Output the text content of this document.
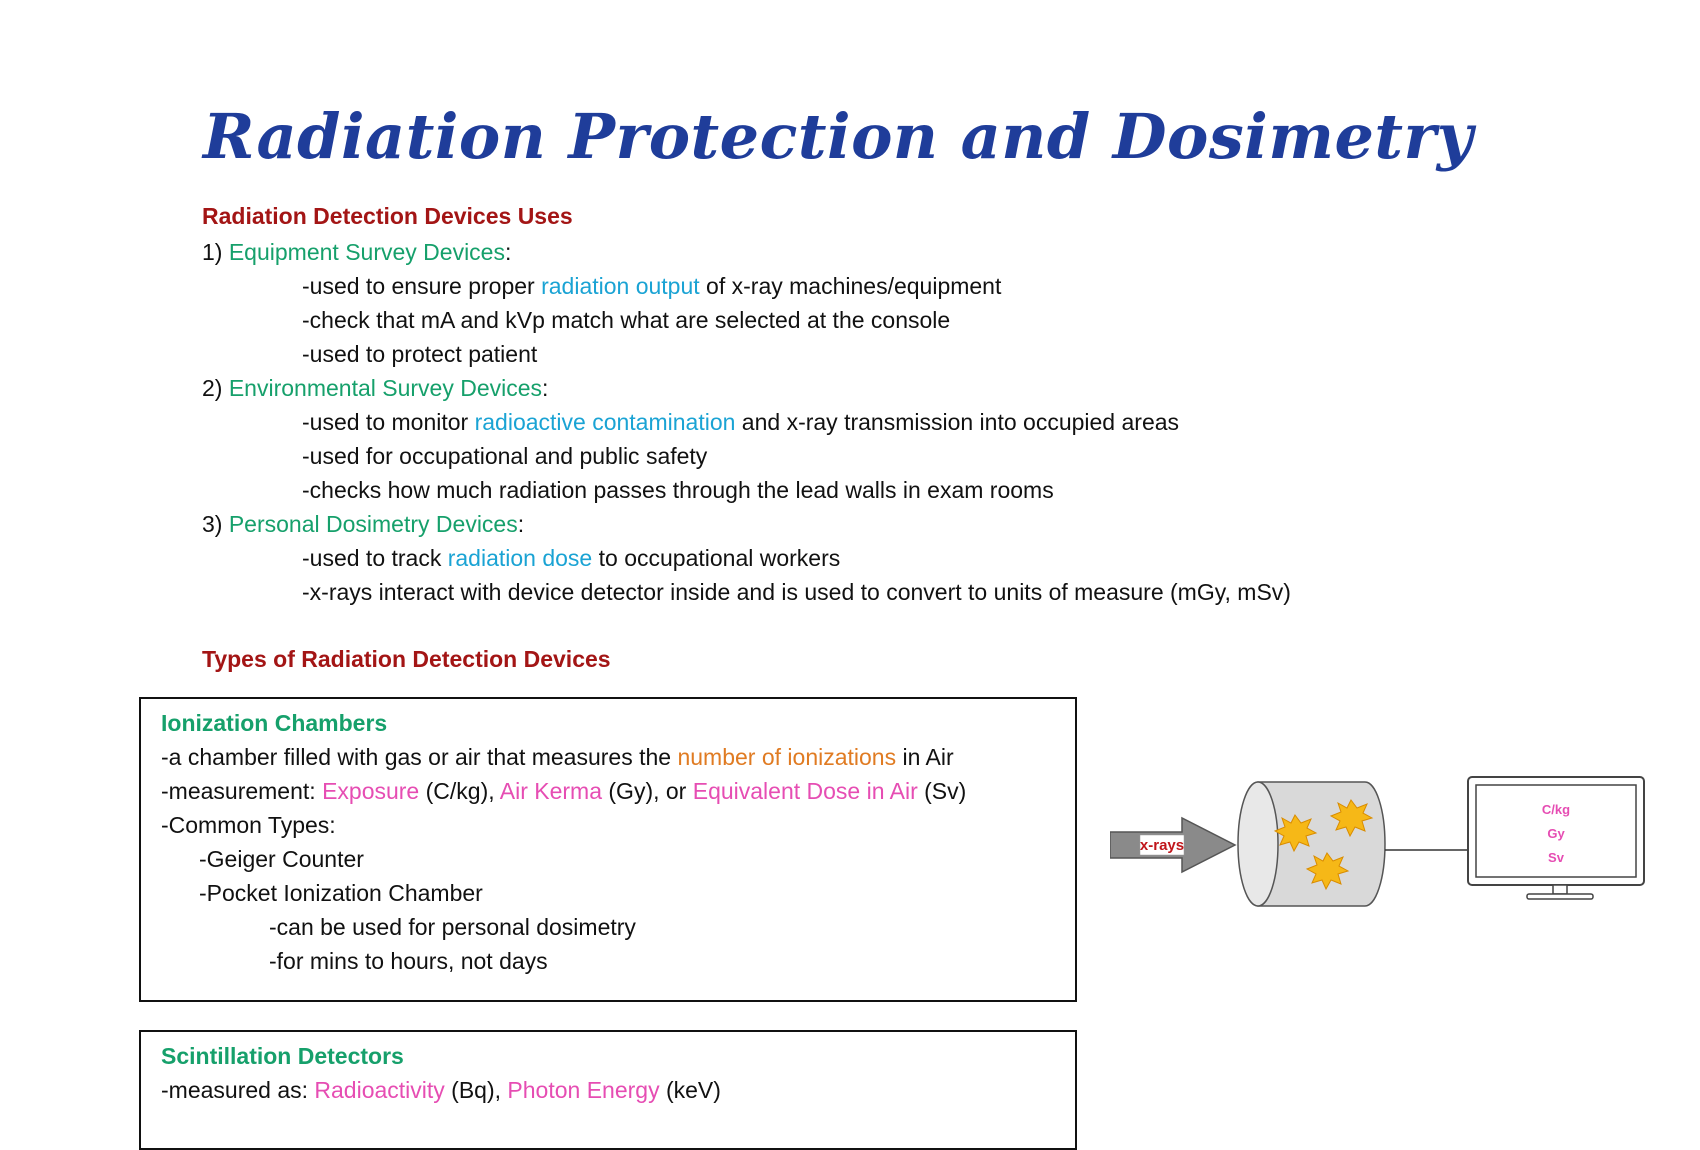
Radiation Protection and Dosimetry
Radiation Detection Devices Uses

1) Equipment Survey Devices:

-used to ensure proper radiation output of x-ray machines/equipment

-check that mA and kVp match what are selected at the console

-used to protect patient

2) Environmental Survey Devices:

-used to monitor radioactive contamination and x-ray transmission into occupied areas

-used for occupational and public safety

-checks how much radiation passes through the lead walls in exam rooms

3) Personal Dosimetry Devices:

-used to track radiation dose to occupational workers

-x-rays interact with device detector inside and is used to convert to units of measure (mGy, mSv)

Types of Radiation Detection Devices

Ionization Chambers

-a chamber filled with gas or air that measures the number of ionizations in Air

-measurement: Exposure (C/kg), Air Kerma (Gy), or Equivalent Dose in Air (Sv)

-Common Types:

-Geiger Counter

-Pocket Ionization Chamber

-can be used for personal dosimetry

-for mins to hours, not days

Scintillation Detectors

-measured as: Radioactivity (Bq), Photon Energy (keV)

x-rays
C/kg
Gy
Sv
